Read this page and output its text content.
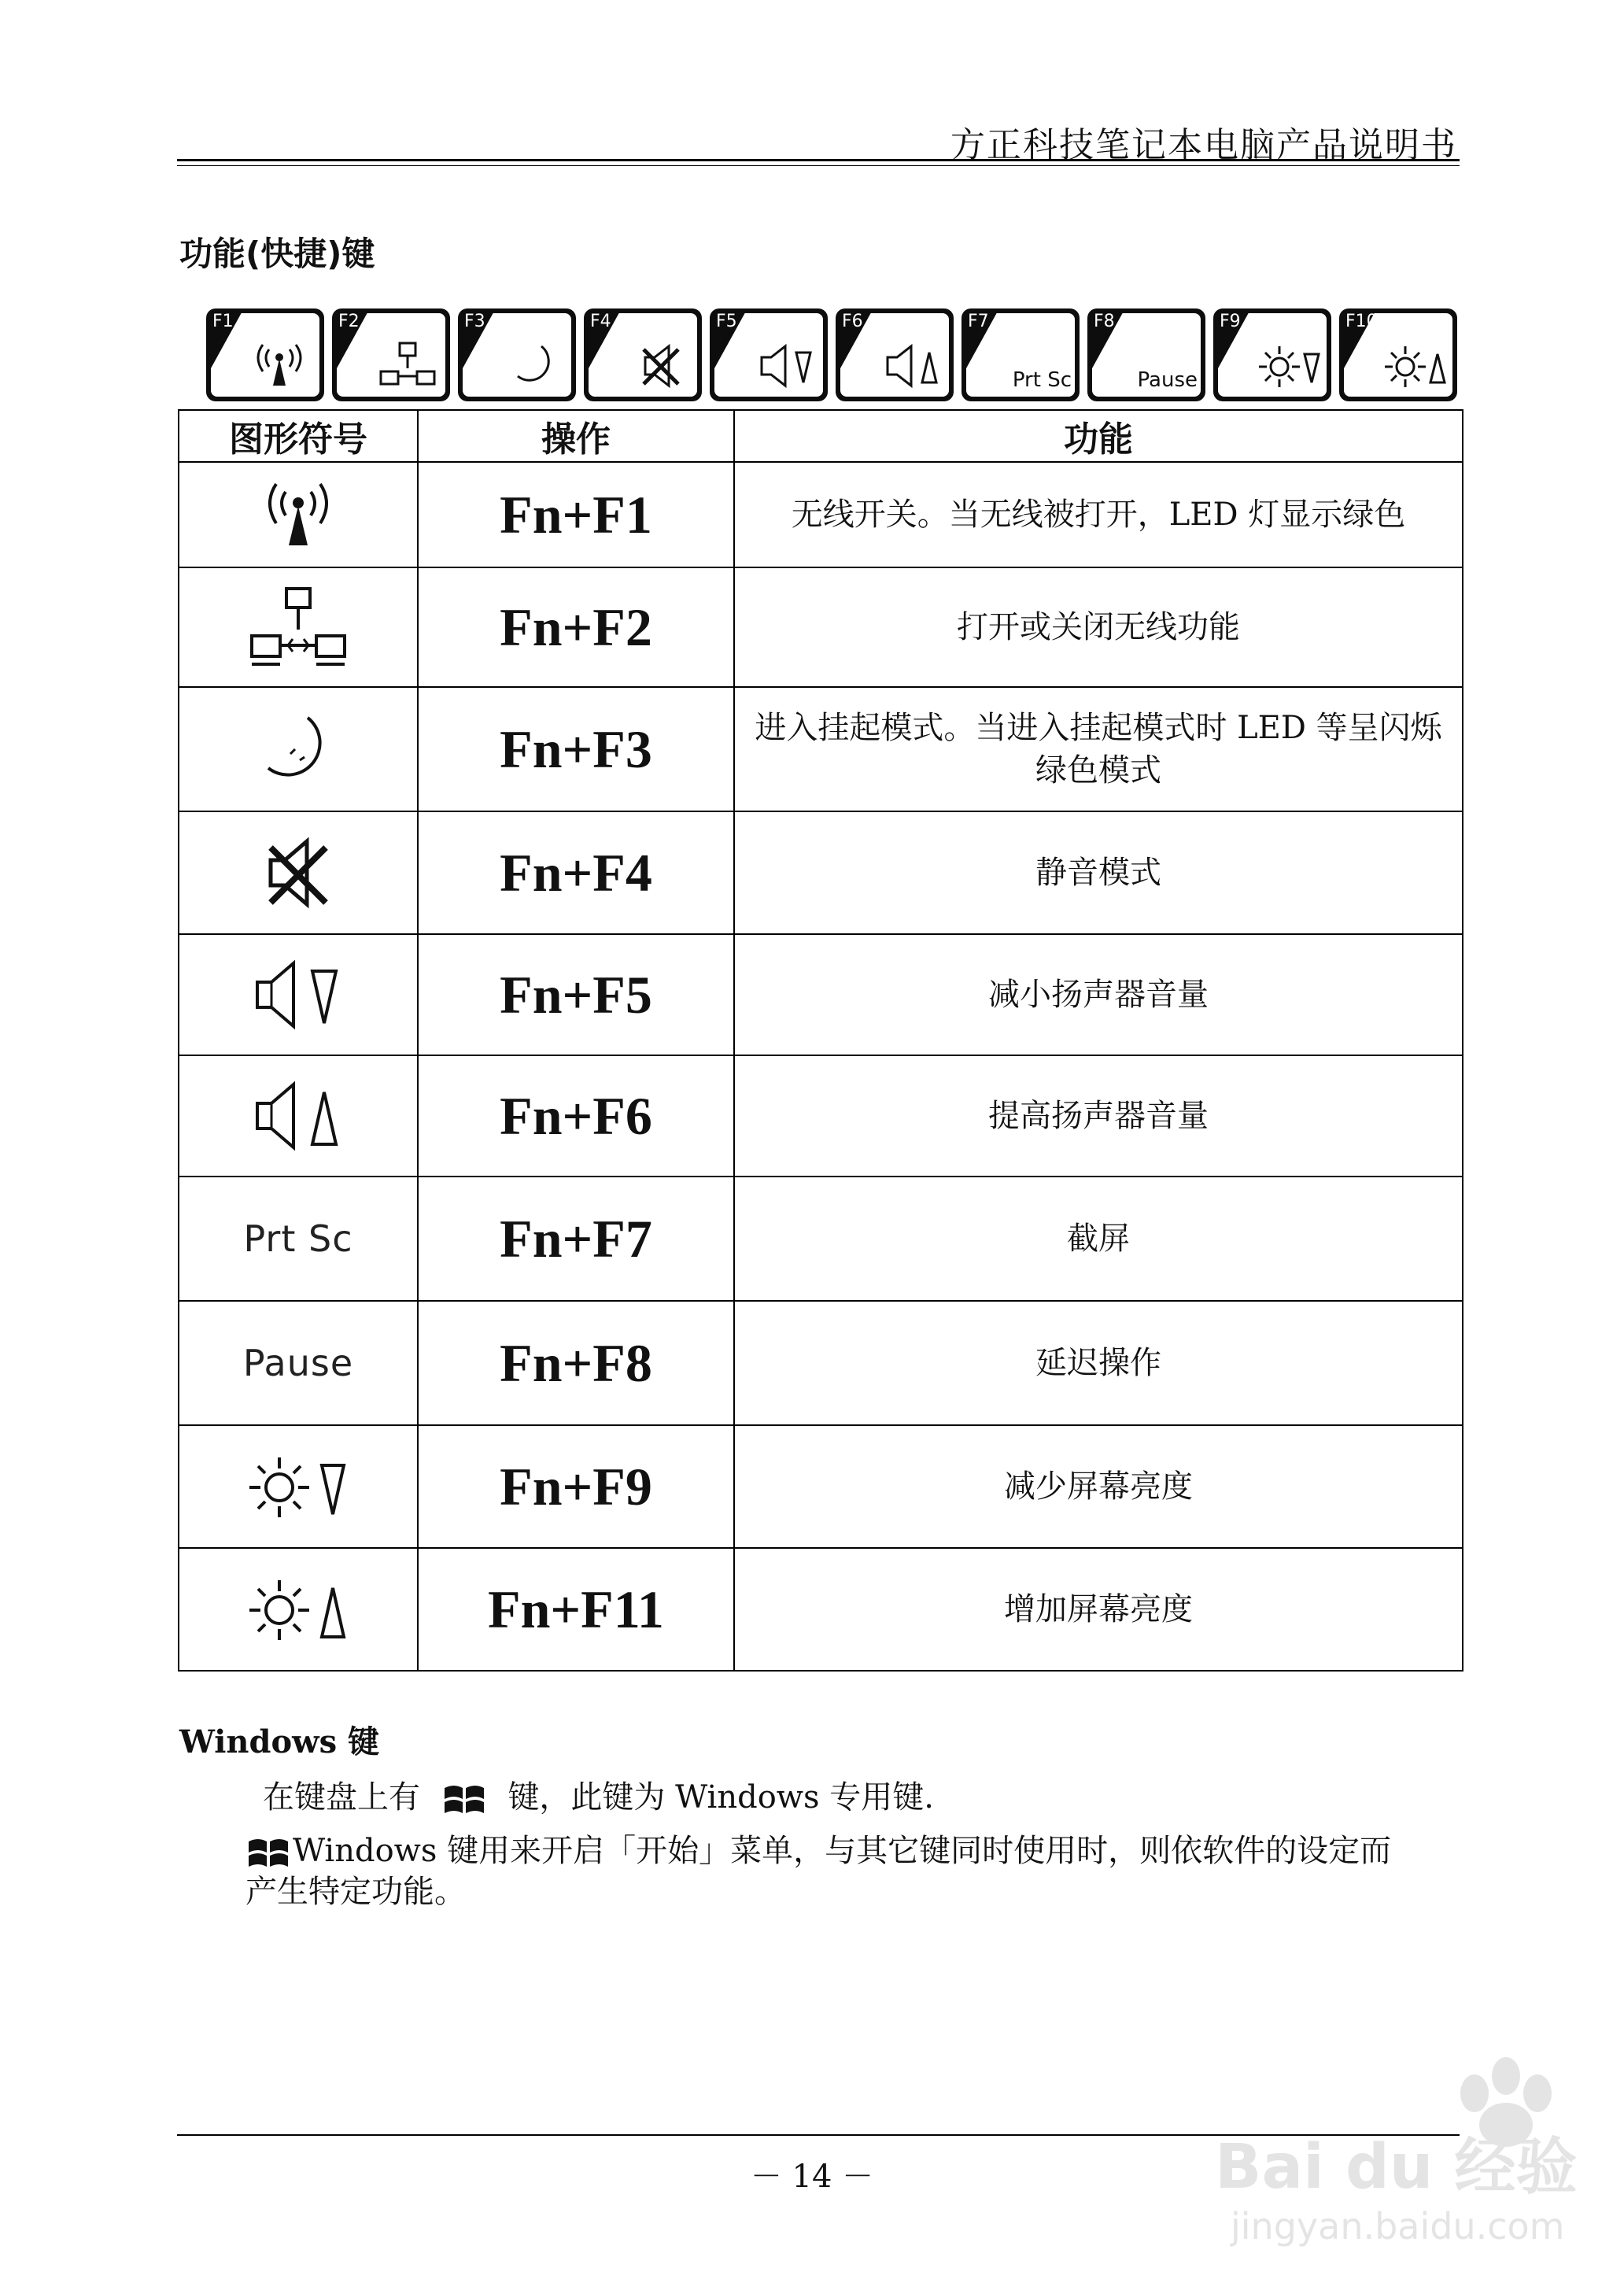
方正科技笔记本电脑产品说明书
功能(快捷)键
F1	F2	F3	F4	F5	F6	F7
Prt Sc
F8
Pause
F9	F10
图形符号	操作	功能

	Fn+F1	无线开关。当无线被打开，LED 灯显示绿色

	Fn+F2	打开或关闭无线功能

	Fn+F3	进入挂起模式。当进入挂起模式时 LED 等呈闪烁绿色模式

	Fn+F4	静音模式

	Fn+F5	减小扬声器音量

	Fn+F6	提高扬声器音量
Prt Sc	Fn+F7	截屏
Pause	Fn+F8	延迟操作

	Fn+F9	减少屏幕亮度

	Fn+F11	增加屏幕亮度
Windows 键
在键盘上有	键，此键为 Windows 专用键.
Windows 键用来开启「开始」菜单，与其它键同时使用时，则依软件的设定而
产生特定功能。
－ 14 －	Bai du 经验
jingyan.baidu.com
